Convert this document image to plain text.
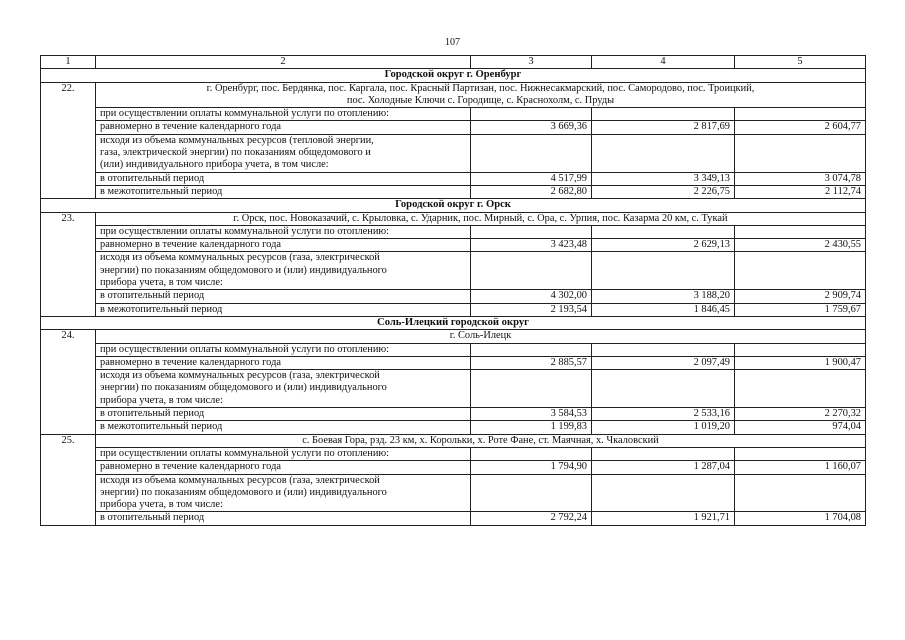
107
1	2	3	4	5
Городской округ г. Оренбург				
22.	г. Оренбург, пос. Бердянка, пос. Каргала, пос. Красный Партизан, пос. Нижнесакмарский, пос. Самородово, пос. Троицкий,
пос. Холодные Ключи с. Городище, с. Краснохолм, с. Пруды			

	при осуществлении оплаты коммунальной услуги по отоплению:			

	равномерно в течение календарного года	3 669,36	2 817,69	2 604,77

	исходя из объема коммунальных ресурсов (тепловой энергии,
газа, электрической энергии) по показаниям общедомового и
(или) индивидуального прибора учета, в том числе:			

	в отопительный период	4 517,99	3 349,13	3 074,78

	в межотопительный период	2 682,80	2 226,75	2 112,74
Городской округ г. Орск				
23.	г. Орск, пос. Новоказачий, с. Крыловка, с. Ударник, пос. Мирный, с. Ора, с. Урпия, пос. Казарма 20 км, с. Тукай			

	при осуществлении оплаты коммунальной услуги по отоплению:			

	равномерно в течение календарного года	3 423,48	2 629,13	2 430,55

	исходя из объема коммунальных ресурсов (газа, электрической
энергии) по показаниям общедомового и (или) индивидуального
прибора учета, в том числе:			

	в отопительный период	4 302,00	3 188,20	2 909,74

	в межотопительный период	2 193,54	1 846,45	1 759,67
Соль-Илецкий городской округ				
24.	г. Соль-Илецк			

	при осуществлении оплаты коммунальной услуги по отоплению:			

	равномерно в течение календарного года	2 885,57	2 097,49	1 900,47

	исходя из объема коммунальных ресурсов (газа, электрической
энергии) по показаниям общедомового и (или) индивидуального
прибора учета, в том числе:			

	в отопительный период	3 584,53	2 533,16	2 270,32

	в межотопительный период	1 199,83	1 019,20	974,04
25.	с. Боевая Гора, рзд. 23 км, х. Корольки, х. Роте Фане, ст. Маячная, х. Чкаловский			

	при осуществлении оплаты коммунальной услуги по отоплению:			

	равномерно в течение календарного года	1 794,90	1 287,04	1 160,07

	исходя из объема коммунальных ресурсов (газа, электрической
энергии) по показаниям общедомового и (или) индивидуального
прибора учета, в том числе:			

	в отопительный период	2 792,24	1 921,71	1 704,08
